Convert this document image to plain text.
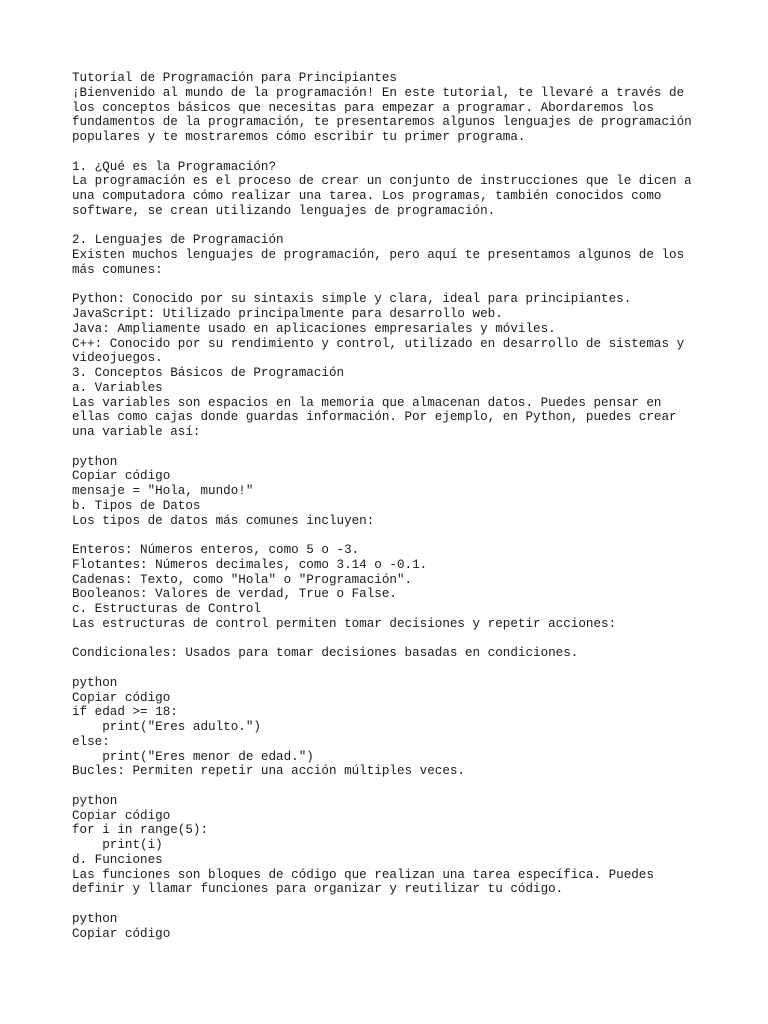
Tutorial de Programación para Principiantes
¡Bienvenido al mundo de la programación! En este tutorial, te llevaré a través de
los conceptos básicos que necesitas para empezar a programar. Abordaremos los
fundamentos de la programación, te presentaremos algunos lenguajes de programación
populares y te mostraremos cómo escribir tu primer programa.
1. ¿Qué es la Programación?
La programación es el proceso de crear un conjunto de instrucciones que le dicen a
una computadora cómo realizar una tarea. Los programas, también conocidos como
software, se crean utilizando lenguajes de programación.
2. Lenguajes de Programación
Existen muchos lenguajes de programación, pero aquí te presentamos algunos de los
más comunes:
Python: Conocido por su sintaxis simple y clara, ideal para principiantes.
JavaScript: Utilizado principalmente para desarrollo web.
Java: Ampliamente usado en aplicaciones empresariales y móviles.
C++: Conocido por su rendimiento y control, utilizado en desarrollo de sistemas y
videojuegos.
3. Conceptos Básicos de Programación
a. Variables
Las variables son espacios en la memoria que almacenan datos. Puedes pensar en
ellas como cajas donde guardas información. Por ejemplo, en Python, puedes crear
una variable así:
python
Copiar código
mensaje = "Hola, mundo!"
b. Tipos de Datos
Los tipos de datos más comunes incluyen:
Enteros: Números enteros, como 5 o -3.
Flotantes: Números decimales, como 3.14 o -0.1.
Cadenas: Texto, como "Hola" o "Programación".
Booleanos: Valores de verdad, True o False.
c. Estructuras de Control
Las estructuras de control permiten tomar decisiones y repetir acciones:
Condicionales: Usados para tomar decisiones basadas en condiciones.
python
Copiar código
if edad >= 18:
print("Eres adulto.")
else:
print("Eres menor de edad.")
Bucles: Permiten repetir una acción múltiples veces.
python
Copiar código
for i in range(5):
print(i)
d. Funciones
Las funciones son bloques de código que realizan una tarea específica. Puedes
definir y llamar funciones para organizar y reutilizar tu código.
python
Copiar código
